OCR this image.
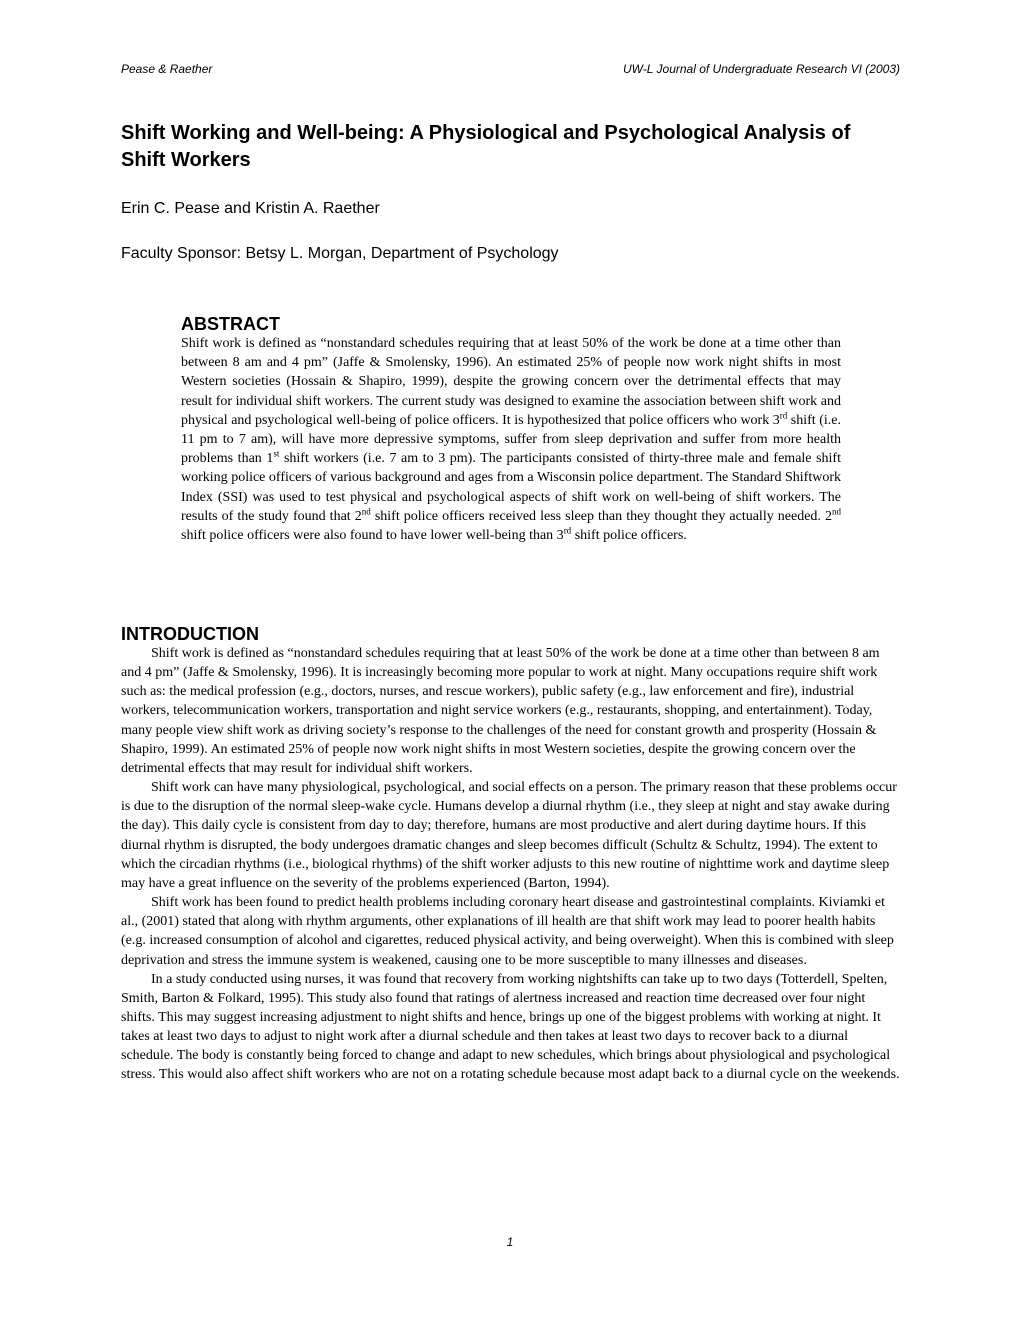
Pease & Raether	UW-L Journal of Undergraduate Research VI (2003)
Shift Working and Well-being: A Physiological and Psychological Analysis of Shift Workers
Erin C. Pease and Kristin A. Raether
Faculty Sponsor: Betsy L. Morgan, Department of Psychology
ABSTRACT

Shift work is defined as “nonstandard schedules requiring that at least 50% of the work be done at a time other than between 8 am and 4 pm” (Jaffe & Smolensky, 1996). An estimated 25% of people now work night shifts in most Western societies (Hossain & Shapiro, 1999), despite the growing concern over the detrimental effects that may result for individual shift workers. The current study was designed to examine the association between shift work and physical and psychological well-being of police officers. It is hypothesized that police officers who work 3rd shift (i.e. 11 pm to 7 am), will have more depressive symptoms, suffer from sleep deprivation and suffer from more health problems than 1st shift workers (i.e. 7 am to 3 pm). The participants consisted of thirty-three male and female shift working police officers of various background and ages from a Wisconsin police department. The Standard Shiftwork Index (SSI) was used to test physical and psychological aspects of shift work on well-being of shift workers. The results of the study found that 2nd shift police officers received less sleep than they thought they actually needed. 2nd shift police officers were also found to have lower well-being than 3rd shift police officers.

INTRODUCTION

Shift work is defined as “nonstandard schedules requiring that at least 50% of the work be done at a time other than between 8 am and 4 pm” (Jaffe & Smolensky, 1996). It is increasingly becoming more popular to work at night. Many occupations require shift work such as: the medical profession (e.g., doctors, nurses, and rescue workers), public safety (e.g., law enforcement and fire), industrial workers, telecommunication workers, transportation and night service workers (e.g., restaurants, shopping, and entertainment). Today, many people view shift work as driving society’s response to the challenges of the need for constant growth and prosperity (Hossain & Shapiro, 1999). An estimated 25% of people now work night shifts in most Western societies, despite the growing concern over the detrimental effects that may result for individual shift workers.

Shift work can have many physiological, psychological, and social effects on a person. The primary reason that these problems occur is due to the disruption of the normal sleep-wake cycle. Humans develop a diurnal rhythm (i.e., they sleep at night and stay awake during the day). This daily cycle is consistent from day to day; therefore, humans are most productive and alert during daytime hours. If this diurnal rhythm is disrupted, the body undergoes dramatic changes and sleep becomes difficult (Schultz & Schultz, 1994). The extent to which the circadian rhythms (i.e., biological rhythms) of the shift worker adjusts to this new routine of nighttime work and daytime sleep may have a great influence on the severity of the problems experienced (Barton, 1994).

Shift work has been found to predict health problems including coronary heart disease and gastrointestinal complaints. Kiviamki et al., (2001) stated that along with rhythm arguments, other explanations of ill health are that shift work may lead to poorer health habits (e.g. increased consumption of alcohol and cigarettes, reduced physical activity, and being overweight). When this is combined with sleep deprivation and stress the immune system is weakened, causing one to be more susceptible to many illnesses and diseases.

In a study conducted using nurses, it was found that recovery from working nightshifts can take up to two days (Totterdell, Spelten, Smith, Barton & Folkard, 1995). This study also found that ratings of alertness increased and reaction time decreased over four night shifts. This may suggest increasing adjustment to night shifts and hence, brings up one of the biggest problems with working at night. It takes at least two days to adjust to night work after a diurnal schedule and then takes at least two days to recover back to a diurnal schedule. The body is constantly being forced to change and adapt to new schedules, which brings about physiological and psychological stress. This would also affect shift workers who are not on a rotating schedule because most adapt back to a diurnal cycle on the weekends.

1
